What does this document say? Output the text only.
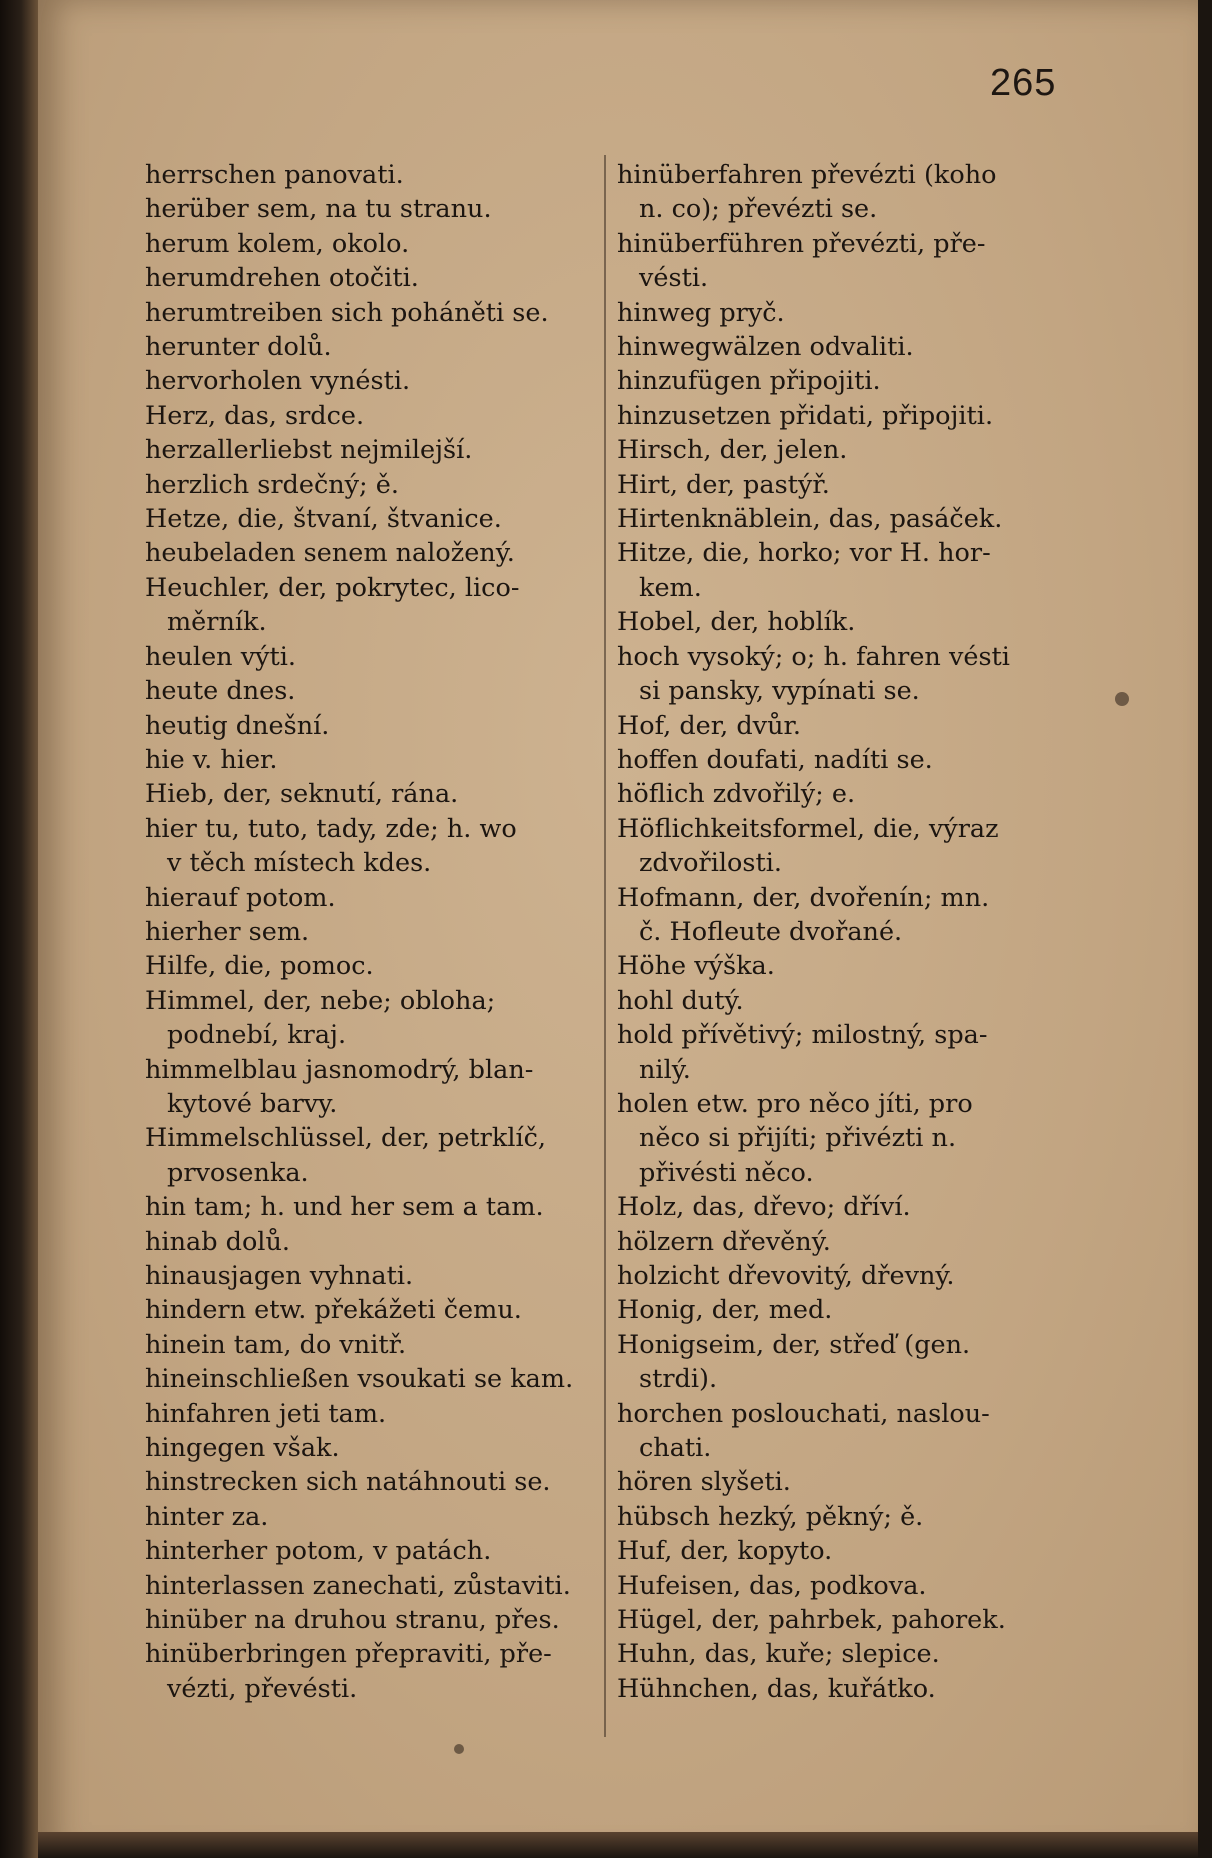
265
herrschen panovati.
herüber sem, na tu stranu.
herum kolem, okolo.
herumdrehen otočiti.
herumtreiben sich poháněti se.
herunter dolů.
hervorholen vynésti.
Herz, das, srdce.
herzallerliebst nejmilejší.
herzlich srdečný; ě.
Hetze, die, štvaní, štvanice.
heubeladen senem naložený.
Heuchler, der, pokrytec, lico-
měrník.
heulen výti.
heute dnes.
heutig dnešní.
hie v. hier.
Hieb, der, seknutí, rána.
hier tu, tuto, tady, zde; h. wo
v těch místech kdes.
hierauf potom.
hierher sem.
Hilfe, die, pomoc.
Himmel, der, nebe; obloha;
podnebí, kraj.
himmelblau jasnomodrý, blan-
kytové barvy.
Himmelschlüssel, der, petrklíč,
prvosenka.
hin tam; h. und her sem a tam.
hinab dolů.
hinausjagen vyhnati.
hindern etw. překážeti čemu.
hinein tam, do vnitř.
hineinschließen vsoukati se kam.
hinfahren jeti tam.
hingegen však.
hinstrecken sich natáhnouti se.
hinter za.
hinterher potom, v patách.
hinterlassen zanechati, zůstaviti.
hinüber na druhou stranu, přes.
hinüberbringen přepraviti, pře-
vézti, převésti.
hinüberfahren převézti (koho
n. co); převézti se.
hinüberführen převézti, pře-
vésti.
hinweg pryč.
hinwegwälzen odvaliti.
hinzufügen připojiti.
hinzusetzen přidati, připojiti.
Hirsch, der, jelen.
Hirt, der, pastýř.
Hirtenknäblein, das, pasáček.
Hitze, die, horko; vor H. hor-
kem.
Hobel, der, hoblík.
hoch vysoký; o; h. fahren vésti
si pansky, vypínati se.
Hof, der, dvůr.
hoffen doufati, nadíti se.
höflich zdvořilý; e.
Höflichkeitsformel, die, výraz
zdvořilosti.
Hofmann, der, dvořenín; mn.
č. Hofleute dvořané.
Höhe výška.
hohl dutý.
hold přívětivý; milostný, spa-
nilý.
holen etw. pro něco jíti, pro
něco si přijíti; přivézti n.
přivésti něco.
Holz, das, dřevo; dříví.
hölzern dřevěný.
holzicht dřevovitý, dřevný.
Honig, der, med.
Honigseim, der, střeď (gen.
strdi).
horchen poslouchati, naslou-
chati.
hören slyšeti.
hübsch hezký, pěkný; ě.
Huf, der, kopyto.
Hufeisen, das, podkova.
Hügel, der, pahrbek, pahorek.
Huhn, das, kuře; slepice.
Hühnchen, das, kuřátko.
